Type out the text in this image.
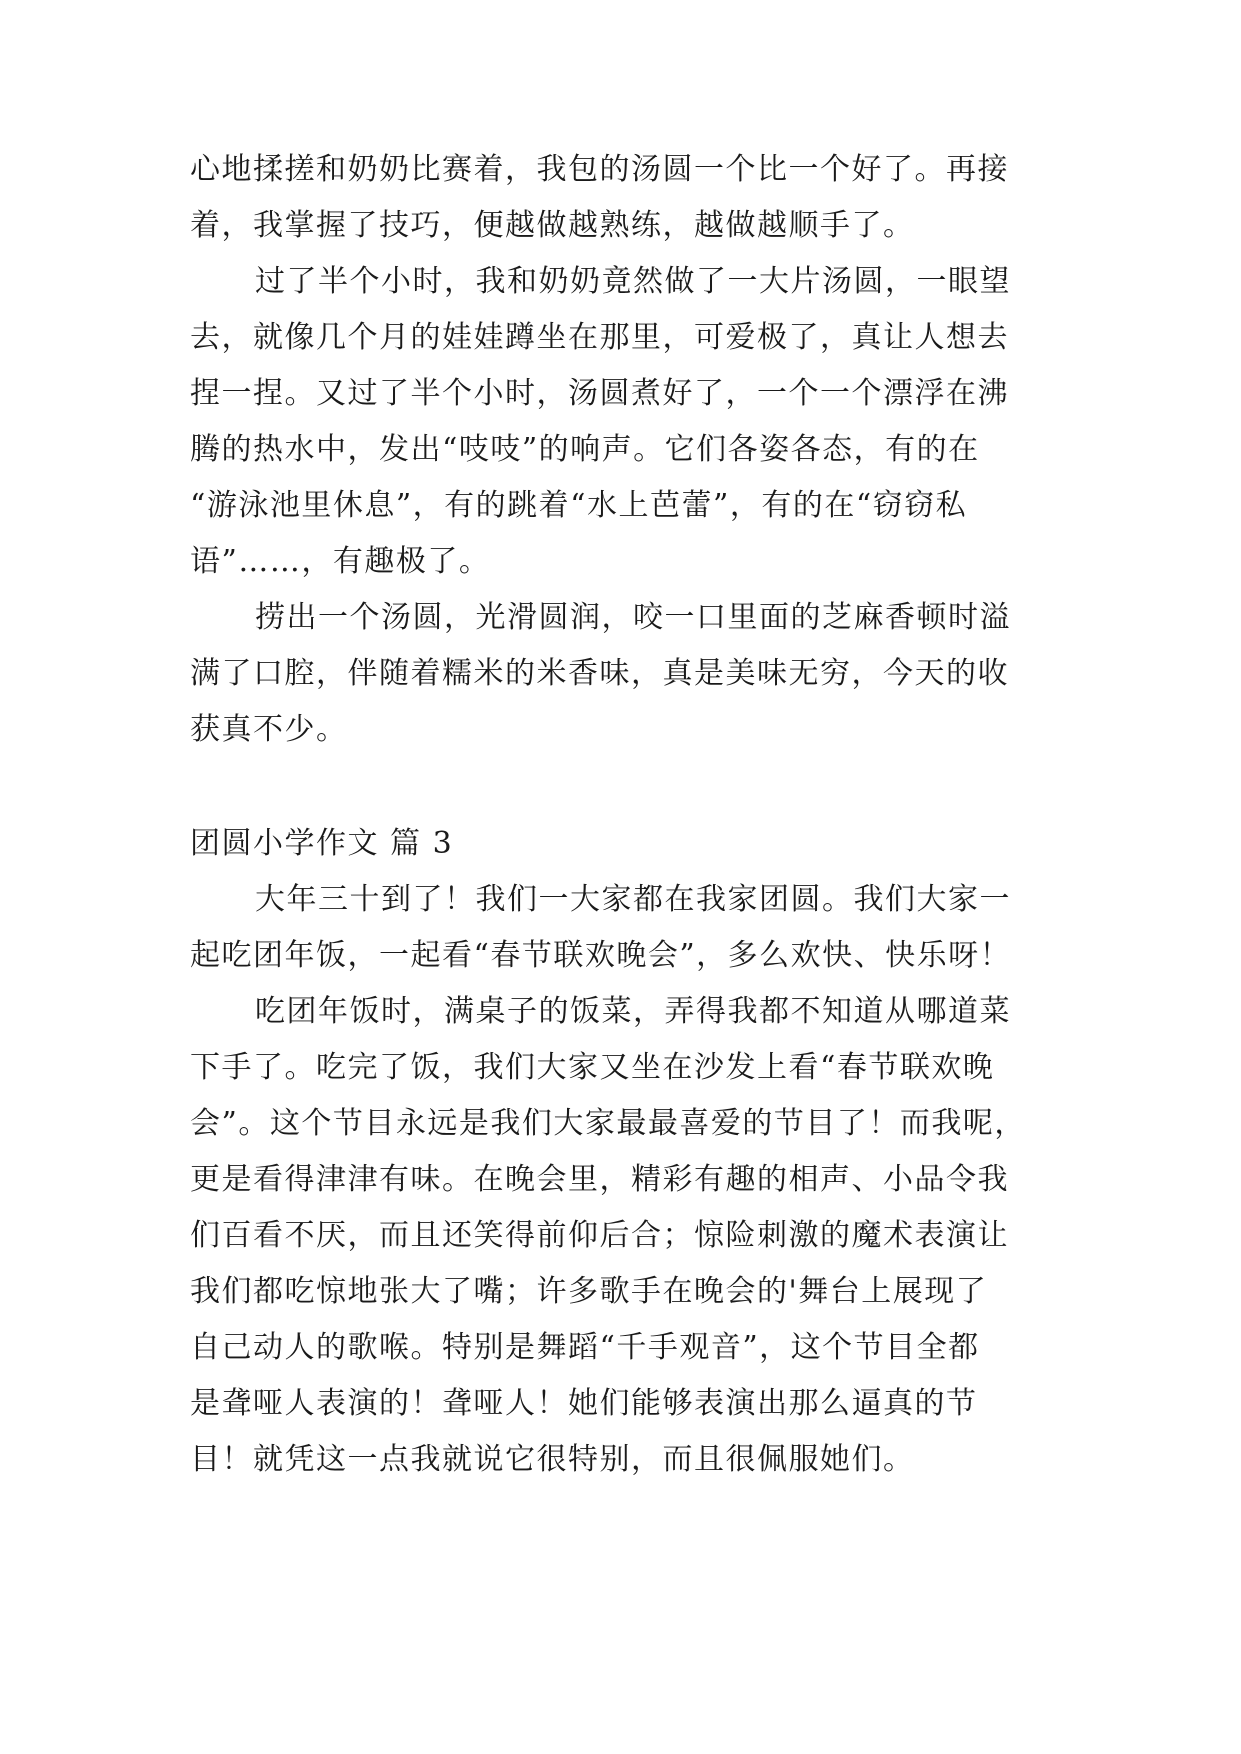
心地揉搓和奶奶比赛着，我包的汤圆一个比一个好了。再接
着，我掌握了技巧，便越做越熟练，越做越顺手了。
过了半个小时，我和奶奶竟然做了一大片汤圆，一眼望
去，就像几个月的娃娃蹲坐在那里，可爱极了，真让人想去
捏一捏。又过了半个小时，汤圆煮好了，一个一个漂浮在沸
腾的热水中，发出“吱吱”的响声。它们各姿各态，有的在
“游泳池里休息”，有的跳着“水上芭蕾”，有的在“窃窃私
语”……，有趣极了。
捞出一个汤圆，光滑圆润，咬一口里面的芝麻香顿时溢
满了口腔，伴随着糯米的米香味，真是美味无穷，今天的收
获真不少。
团圆小学作文 篇 3
大年三十到了！我们一大家都在我家团圆。我们大家一
起吃团年饭，一起看“春节联欢晚会”，多么欢快、快乐呀！
吃团年饭时，满桌子的饭菜，弄得我都不知道从哪道菜
下手了。吃完了饭，我们大家又坐在沙发上看“春节联欢晚
会”。这个节目永远是我们大家最最喜爱的节目了！而我呢，
更是看得津津有味。在晚会里，精彩有趣的相声、小品令我
们百看不厌，而且还笑得前仰后合；惊险刺激的魔术表演让
我们都吃惊地张大了嘴；许多歌手在晚会的'舞台上展现了
自己动人的歌喉。特别是舞蹈“千手观音”，这个节目全都
是聋哑人表演的！聋哑人！她们能够表演出那么逼真的节
目！就凭这一点我就说它很特别，而且很佩服她们。
